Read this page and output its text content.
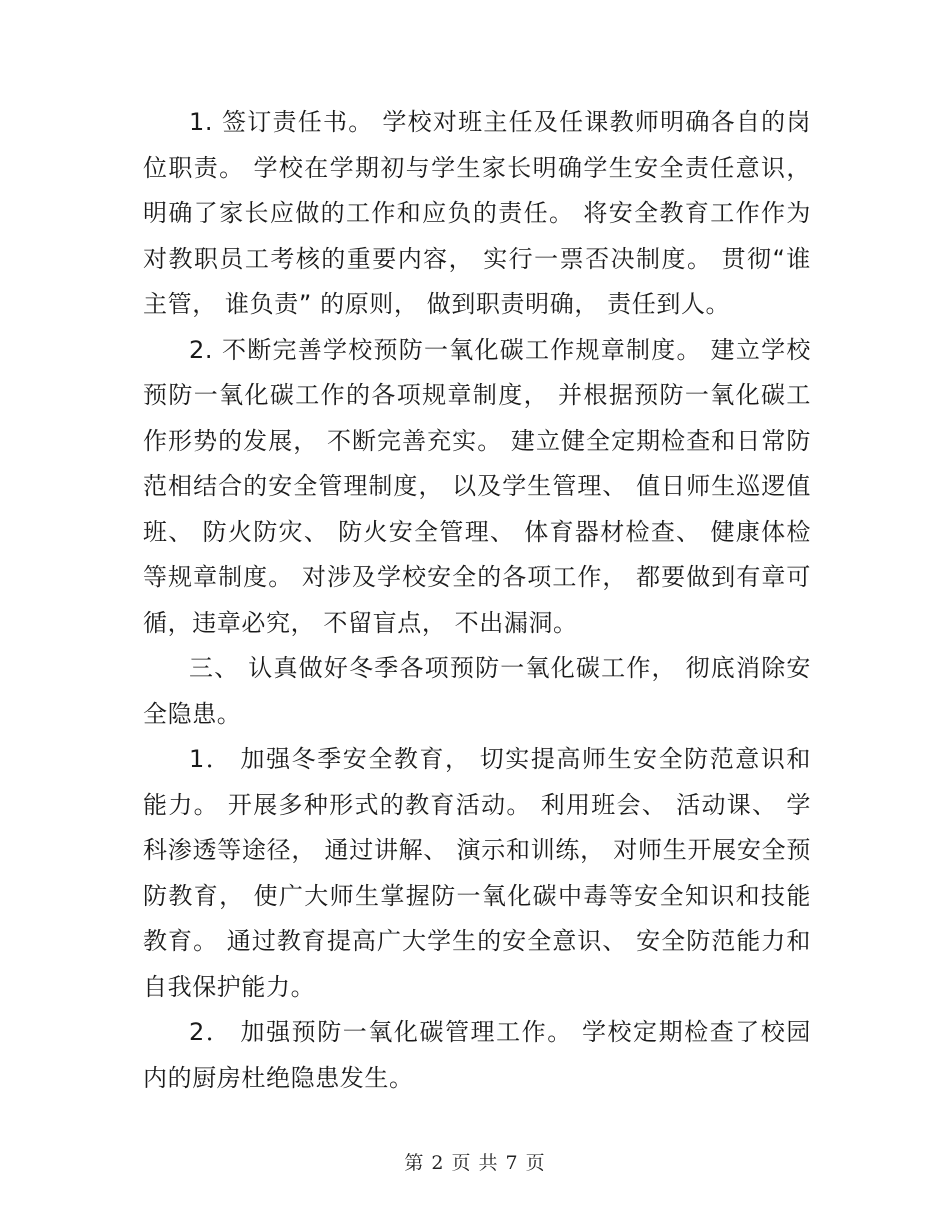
1. 签订责任书。 学校对班主任及任课教师明确各自的岗位职责。 学校在学期初与学生家长明确学生安全责任意识，明确了家长应做的工作和应负的责任。 将安全教育工作作为对教职员工考核的重要内容， 实行一票否决制度。 贯彻“谁主管， 谁负责” 的原则， 做到职责明确， 责任到人。

2. 不断完善学校预防一氧化碳工作规章制度。 建立学校预防一氧化碳工作的各项规章制度， 并根据预防一氧化碳工作形势的发展， 不断完善充实。 建立健全定期检查和日常防范相结合的安全管理制度， 以及学生管理、 值日师生巡逻值班、 防火防灾、 防火安全管理、 体育器材检查、 健康体检等规章制度。 对涉及学校安全的各项工作， 都要做到有章可循，违章必究， 不留盲点， 不出漏洞。

三、 认真做好冬季各项预防一氧化碳工作， 彻底消除安全隐患。

1． 加强冬季安全教育， 切实提高师生安全防范意识和能力。 开展多种形式的教育活动。 利用班会、 活动课、 学科渗透等途径， 通过讲解、 演示和训练， 对师生开展安全预防教育， 使广大师生掌握防一氧化碳中毒等安全知识和技能教育。 通过教育提高广大学生的安全意识、 安全防范能力和自我保护能力。

2． 加强预防一氧化碳管理工作。 学校定期检查了校园内的厨房杜绝隐患发生。

第 2 页 共 7 页
